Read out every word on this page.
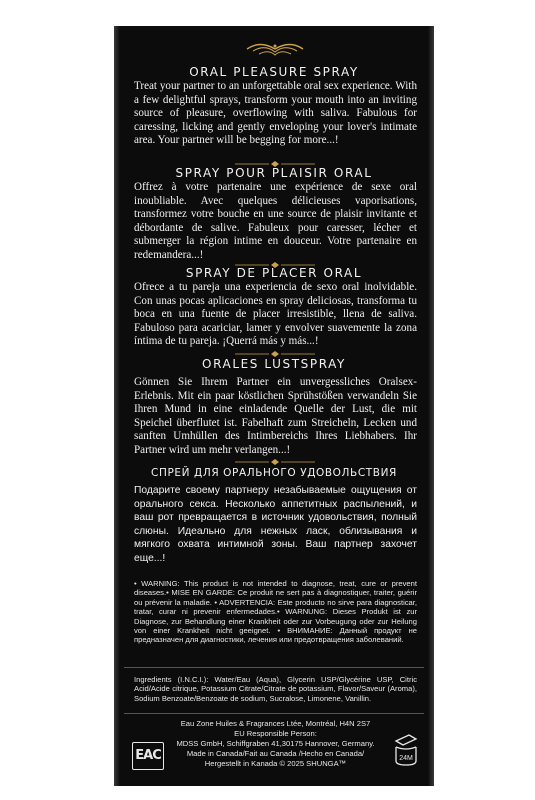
ORAL PLEASURE SPRAY
Treat your partner to an unforgettable oral sex experience. With a few delightful sprays, transform your mouth into an inviting source of pleasure, overflowing with saliva. Fabulous for caressing, licking and gently enveloping your lover's intimate area. Your partner will be begging for more...!
SPRAY POUR PLAISIR ORAL
Offrez à votre partenaire une expérience de sexe oral inoubliable. Avec quelques délicieuses vaporisations, transformez votre bouche en une source de plaisir invitante et débordante de salive. Fabuleux pour caresser, lécher et submerger la région intime en douceur. Votre partenaire en redemandera...!
SPRAY DE PLACER ORAL
Ofrece a tu pareja una experiencia de sexo oral inolvidable. Con unas pocas aplicaciones en spray deliciosas, transforma tu boca en una fuente de placer irresistible, llena de saliva. Fabuloso para acariciar, lamer y envolver suavemente la zona íntima de tu pareja. ¡Querrá más y más...!
ORALES LUSTSPRAY
Gönnen Sie Ihrem Partner ein unvergessliches Oralsex-Erlebnis. Mit ein paar köstlichen Sprühstößen verwandeln Sie Ihren Mund in eine einladende Quelle der Lust, die mit Speichel überflutet ist. Fabelhaft zum Streicheln, Lecken und sanften Umhüllen des Intimbereichs Ihres Liebhabers. Ihr Partner wird um mehr verlangen...!
СПРЕЙ ДЛЯ ОРАЛЬНОГО УДОВОЛЬСТВИЯ
Подарите своему партнеру незабываемые ощущения от орального секса. Несколько аппетитных распылений, и ваш рот превращается в источник удовольствия, полный слюны. Идеально для нежных ласк, облизывания и мягкого охвата интимной зоны. Ваш партнер захочет еще...!
• WARNING: This product is not intended to diagnose, treat, cure or prevent diseases.• MISE EN GARDE: Ce produit ne sert pas à diagnostiquer, traiter, guérir ou prévenir la maladie. • ADVERTENCIA: Este producto no sirve para diagnosticar, tratar, curar ni prevenir enfermedades.• WARNUNG: Dieses Produkt ist zur Diagnose, zur Behandlung einer Krankheit oder zur Vorbeugung oder zur Heilung von einer Krankheit nicht geeignet. • ВНИМАНИЕ: Данный продукт не предназначен для диагностики, лечения или предотвращения заболеваний.
Ingredients (I.N.C.I.): Water/Eau (Aqua), Glycerin USP/Glycérine USP, Citric Acid/Acide citrique, Potassium Citrate/Citrate de potassium, Flavor/Saveur (Aroma), Sodium Benzoate/Benzoate de sodium, Sucralose, Limonene, Vanillin.
Eau Zone Huiles & Fragrances Ltée, Montréal, H4N 2S7
EU Responsible Person:
MDSS GmbH, Schiffgraben 41,30175 Hannover, Germany.
Made in Canada/Fait au Canada /Hecho en Canada/
Hergestellt in Kanada © 2025 SHUNGA™
EAC	24M
